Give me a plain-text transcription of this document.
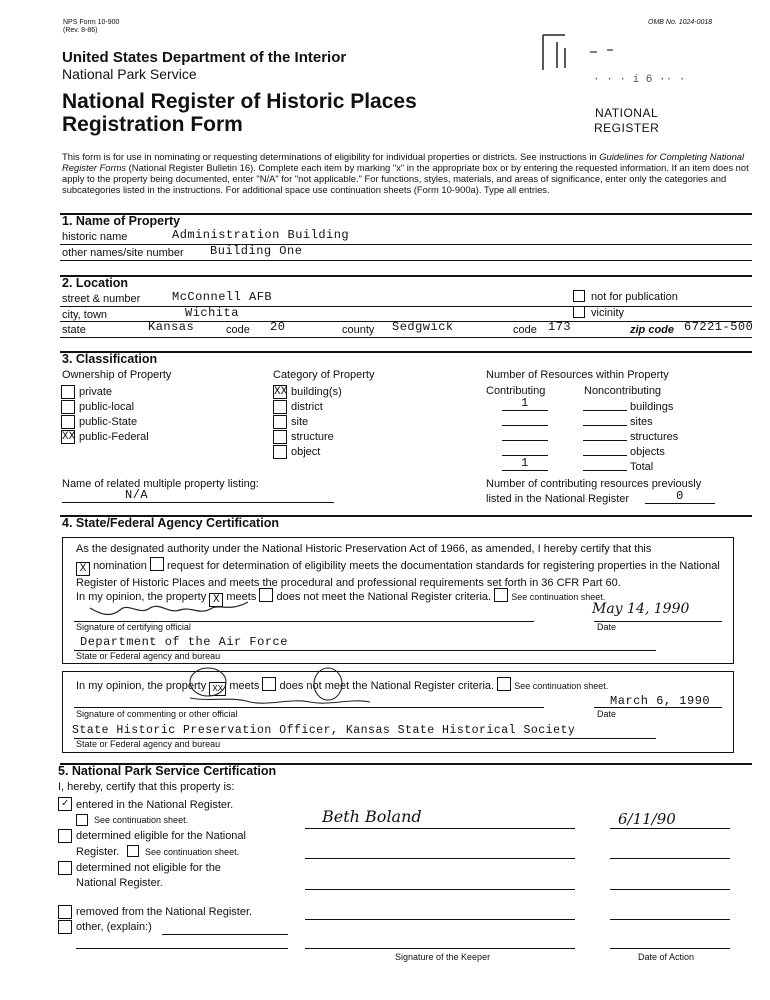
NPS Form 10-900
(Rev. 8-86)
OMB No. 1024-0018
United States Department of the Interior
National Park Service
National Register of Historic Places
Registration Form
· · · i 6 ·· ·
NATIONAL
REGISTER
This form is for use in nominating or requesting determinations of eligibility for individual properties or districts. See instructions in Guidelines for Completing National Register Forms (National Register Bulletin 16). Complete each item by marking "x" in the appropriate box or by entering the requested information. If an item does not apply to the property being documented, enter "N/A" for "not applicable." For functions, styles, materials, and areas of significance, enter only the categories and subcategories listed in the instructions. For additional space use continuation sheets (Form 10-900a). Type all entries.
1. Name of Property
historic name	Administration Building
other names/site number Building One
2. Location
street & number	McConnell AFB	not for publication
city, town	Wichita	vicinity
state	Kansas	code 20	county Sedgwick	code 173	zip code 67221-500
3. Classification
Ownership of Property	Category of Property	Number of Resources within Property
Contributing	Noncontributing
private
public-local
public-State
XX public-Federal
XX building(s)
district
site
structure
object
1	buildings
sites
structures
objects
1	Total
Name of related multiple property listing:
N/A
Number of contributing resources previously
listed in the National Register	0
4. State/Federal Agency Certification
As the designated authority under the National Historic Preservation Act of 1966, as amended, I hereby certify that this
X nomination request for determination of eligibility meets the documentation standards for registering properties in the National Register of Historic Places and meets the procedural and professional requirements set forth in 36 CFR Part 60.
In my opinion, the property X meets does not meet the National Register criteria. See continuation sheet.
May 14, 1990
Signature of certifying official	Date
Department of the Air Force
State or Federal agency and bureau
In my opinion, the property XX meets does not meet the National Register criteria. See continuation sheet.
March 6, 1990
Signature of commenting or other official	Date
State Historic Preservation Officer, Kansas State Historical Society
State or Federal agency and bureau
5. National Park Service Certification
I, hereby, certify that this property is:
✓ entered in the National Register.
See continuation sheet.
determined eligible for the National
Register.	See continuation sheet.
determined not eligible for the
National Register.
removed from the National Register.
other, (explain:)
Beth Boland	6/11/90
Signature of the Keeper	Date of Action
